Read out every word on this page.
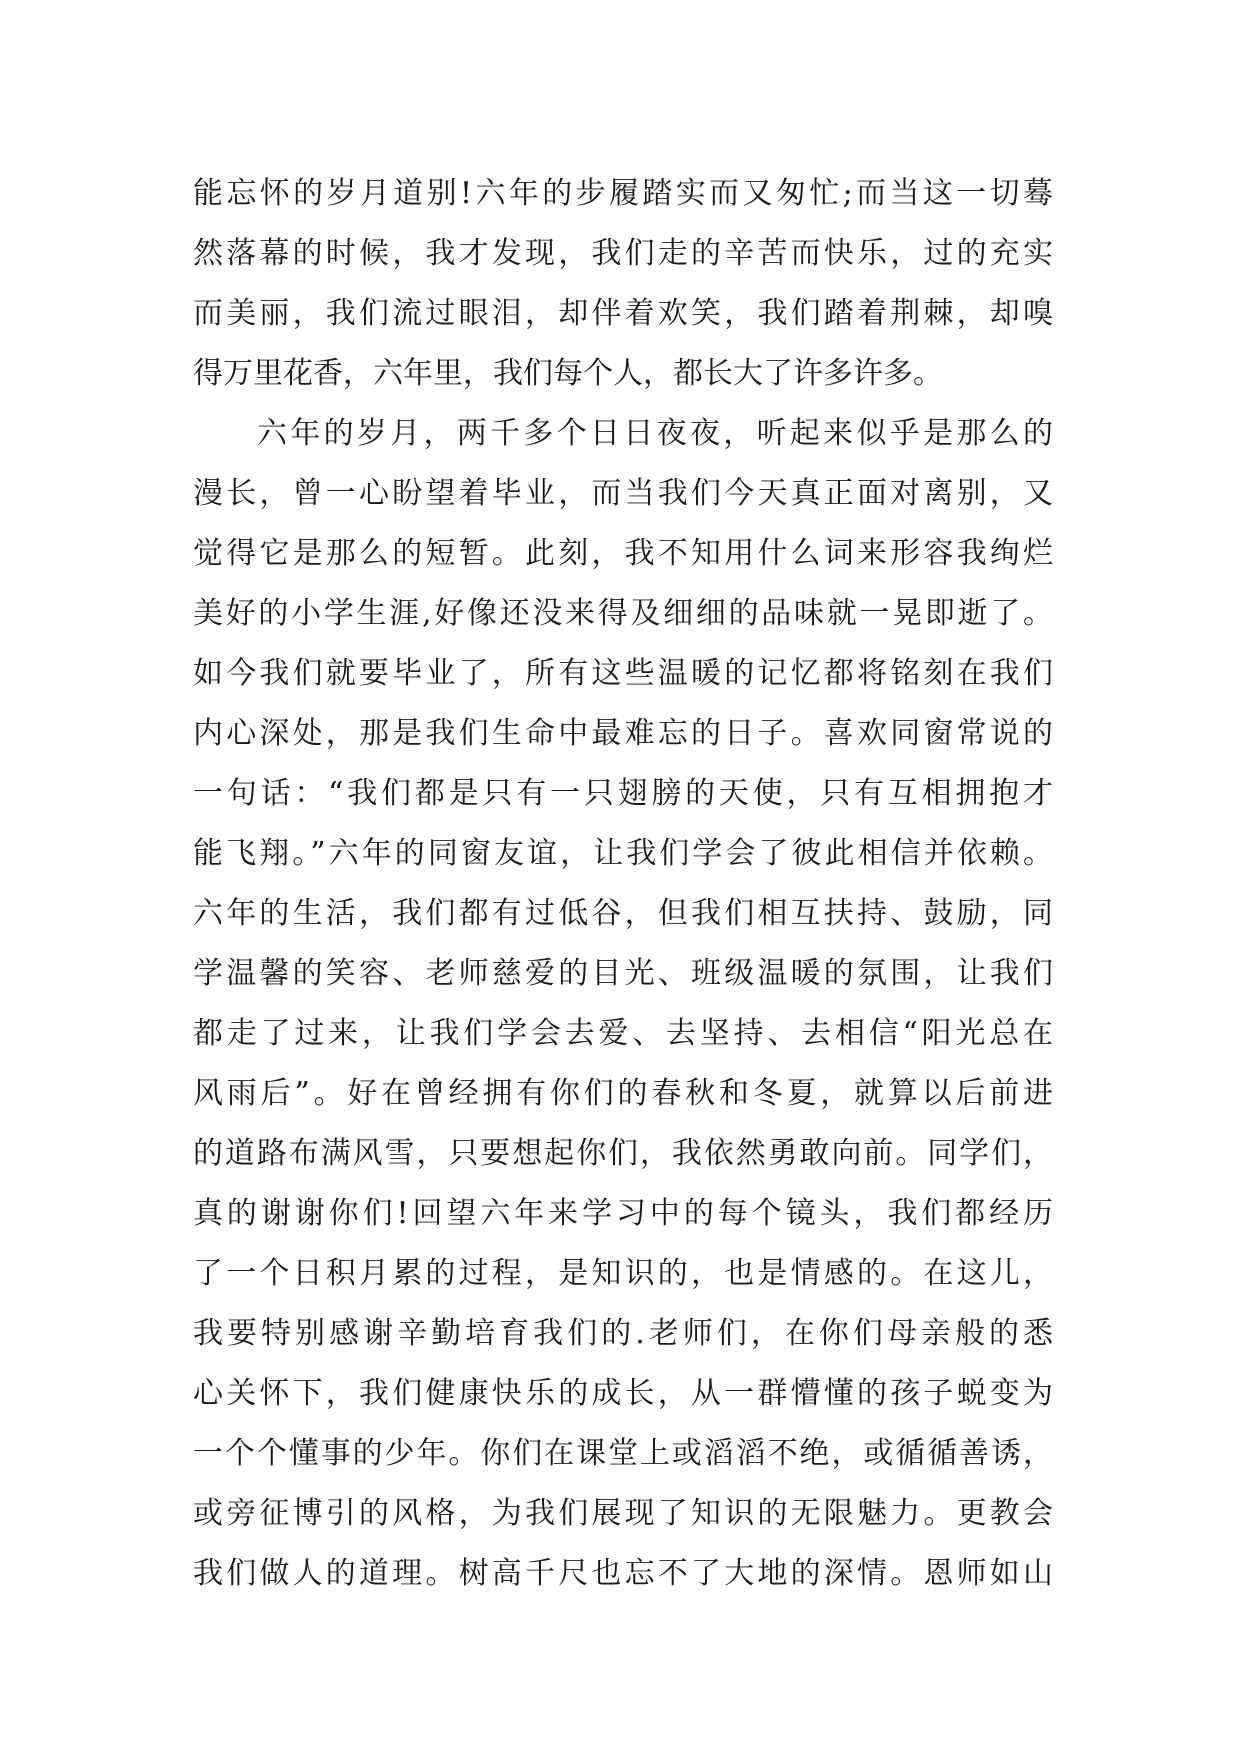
能忘怀的岁月道别!六年的步履踏实而又匆忙;而当这一切蓦
然落幕的时候，我才发现，我们走的辛苦而快乐，过的充实
而美丽，我们流过眼泪，却伴着欢笑，我们踏着荆棘，却嗅
得万里花香，六年里，我们每个人，都长大了许多许多。
六年的岁月，两千多个日日夜夜，听起来似乎是那么的
漫长，曾一心盼望着毕业，而当我们今天真正面对离别，又
觉得它是那么的短暂。此刻，我不知用什么词来形容我绚烂
美好的小学生涯,好像还没来得及细细的品味就一晃即逝了。
如今我们就要毕业了，所有这些温暖的记忆都将铭刻在我们
内心深处，那是我们生命中最难忘的日子。喜欢同窗常说的
一句话：“我们都是只有一只翅膀的天使，只有互相拥抱才
能飞翔。”六年的同窗友谊，让我们学会了彼此相信并依赖。
六年的生活，我们都有过低谷，但我们相互扶持、鼓励，同
学温馨的笑容、老师慈爱的目光、班级温暖的氛围，让我们
都走了过来，让我们学会去爱、去坚持、去相信“阳光总在
风雨后”。好在曾经拥有你们的春秋和冬夏，就算以后前进
的道路布满风雪，只要想起你们，我依然勇敢向前。同学们，
真的谢谢你们!回望六年来学习中的每个镜头，我们都经历
了一个日积月累的过程，是知识的，也是情感的。在这儿，
我要特别感谢辛勤培育我们的.老师们，在你们母亲般的悉
心关怀下，我们健康快乐的成长，从一群懵懂的孩子蜕变为
一个个懂事的少年。你们在课堂上或滔滔不绝，或循循善诱，
或旁征博引的风格，为我们展现了知识的无限魅力。更教会
我们做人的道理。树高千尺也忘不了大地的深情。恩师如山
